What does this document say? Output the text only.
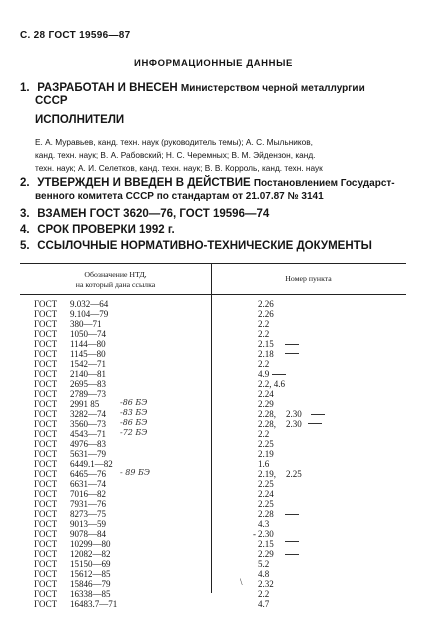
С. 28 ГОСТ 19596—87
ИНФОРМАЦИОННЫЕ ДАННЫЕ
1. РАЗРАБОТАН И ВНЕСЕН Министерством черной металлургии
СССР
ИСПОЛНИТЕЛИ
Е. А. Муравьев, канд. техн. наук (руководитель темы); А. С. Мыльников,
канд. техн. наук; В. А. Рабовский; Н. С. Черемных; В. М. Эйдензон, канд.
техн. наук; А. И. Селетков, канд. техн. наук; В. В. Корроль, канд. техн. наук
2. УТВЕРЖДЕН И ВВЕДЕН В ДЕЙСТВИЕ Постановлением Государст-
венного комитета СССР по стандартам от 21.07.87 № 3141
3. ВЗАМЕН ГОСТ 3620—76, ГОСТ 19596—74
4. СРОК ПРОВЕРКИ 1992 г.
5. ССЫЛОЧНЫЕ НОРМАТИВНО-ТЕХНИЧЕСКИЕ ДОКУМЕНТЫ
Обозначение НТД,
на который дана ссылка
Номер пункта
ГОСТ 9.032—64	2.26
ГОСТ 9.104—79	2.26
ГОСТ 380—71	2.2
ГОСТ 1050—74	2.2
ГОСТ 1144—80	2.15
ГОСТ 1145—80	2.18
ГОСТ 1542—71	2.2
ГОСТ 2140—81	4.9
ГОСТ 2695—83	2.2, 4.6
ГОСТ 2789—73	2.24
ГОСТ 2991 85	-86 БЭ	2.29
ГОСТ 3282—74 -83 БЭ	2.28, 2.30
ГОСТ 3560—73 -86 БЭ	2.28, 2.30
ГОСТ 4543—71 -72 БЭ	2.2
ГОСТ 4976—83	2.25
ГОСТ 5631—79	2.19
ГОСТ 6449.1—82	1.6
ГОСТ 6465—76 - 89 БЭ	2.19, 2.25
ГОСТ 6631—74	2.25
ГОСТ 7016—82	2.24
ГОСТ 7931—76	2.25
ГОСТ 8273—75	2.28
ГОСТ 9013—59	4.3
ГОСТ 9078—84	- 2.30
ГОСТ 10299—80	2.15
ГОСТ 12082—82	2.29
ГОСТ 15150—69	5.2
ГОСТ 15612—85	4.8
ГОСТ 15846—79	\ 2.32
ГОСТ 16338—85	2.2
ГОСТ 16483.7—71	4.7
